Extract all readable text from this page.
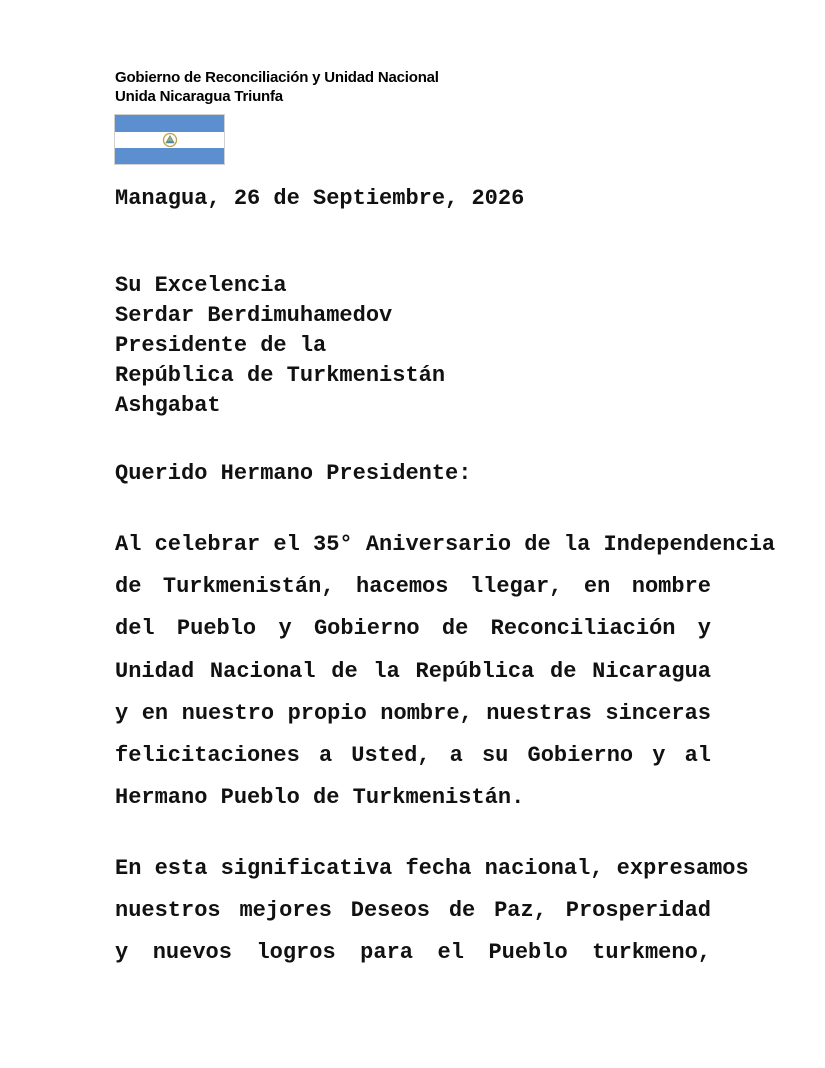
Gobierno de Reconciliación y Unidad Nacional
Unida Nicaragua Triunfa
Managua, 26 de Septiembre, 2026
Su Excelencia
Serdar Berdimuhamedov
Presidente de la
República de Turkmenistán
Ashgabat
Querido Hermano Presidente:
Al celebrar el 35° Aniversario de la Independencia
de Turkmenistán, hacemos llegar, en nombre
del Pueblo y Gobierno de Reconciliación y
Unidad Nacional de la República de Nicaragua
y en nuestro propio nombre, nuestras sinceras
felicitaciones a Usted, a su Gobierno y al
Hermano Pueblo de Turkmenistán.
En esta significativa fecha nacional, expresamos
nuestros mejores Deseos de Paz, Prosperidad
y nuevos logros para el Pueblo turkmeno,
